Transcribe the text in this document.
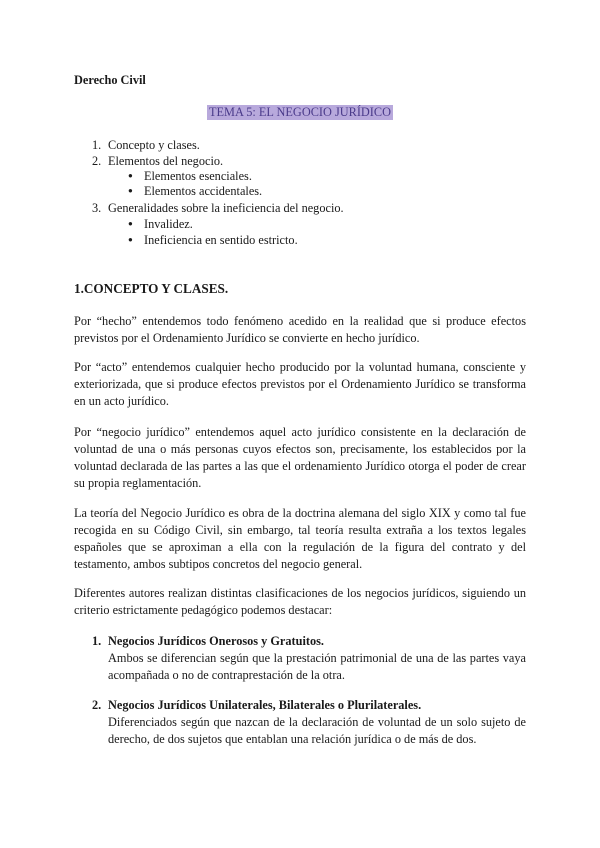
Derecho Civil
TEMA 5: EL NEGOCIO JURÍDICO
1. Concepto y clases.
2. Elementos del negocio.
● Elementos esenciales.
● Elementos accidentales.
3. Generalidades sobre la ineficiencia del negocio.
● Invalidez.
● Ineficiencia en sentido estricto.
1.CONCEPTO Y CLASES.

Por “hecho” entendemos todo fenómeno acedido en la realidad que si produce efectos previstos por el Ordenamiento Jurídico se convierte en hecho jurídico.

Por “acto” entendemos cualquier hecho producido por la voluntad humana, consciente y exteriorizada, que si produce efectos previstos por el Ordenamiento Jurídico se transforma en un acto jurídico.

Por “negocio jurídico” entendemos aquel acto jurídico consistente en la declaración de voluntad de una o más personas cuyos efectos son, precisamente, los establecidos por la voluntad declarada de las partes a las que el ordenamiento Jurídico otorga el poder de crear su propia reglamentación.

La teoría del Negocio Jurídico es obra de la doctrina alemana del siglo XIX y como tal fue recogida en su Código Civil, sin embargo, tal teoría resulta extraña a los textos legales españoles que se aproximan a ella con la regulación de la figura del contrato y del testamento, ambos subtipos concretos del negocio general.

Diferentes autores realizan distintas clasificaciones de los negocios jurídicos, siguiendo un criterio estrictamente pedagógico podemos destacar:

1. Negocios Jurídicos Onerosos y Gratuitos.

Ambos se diferencian según que la prestación patrimonial de una de las partes vaya acompañada o no de contraprestación de la otra.

2. Negocios Jurídicos Unilaterales, Bilaterales o Plurilaterales.

Diferenciados según que nazcan de la declaración de voluntad de un solo sujeto de derecho, de dos sujetos que entablan una relación jurídica o de más de dos.
